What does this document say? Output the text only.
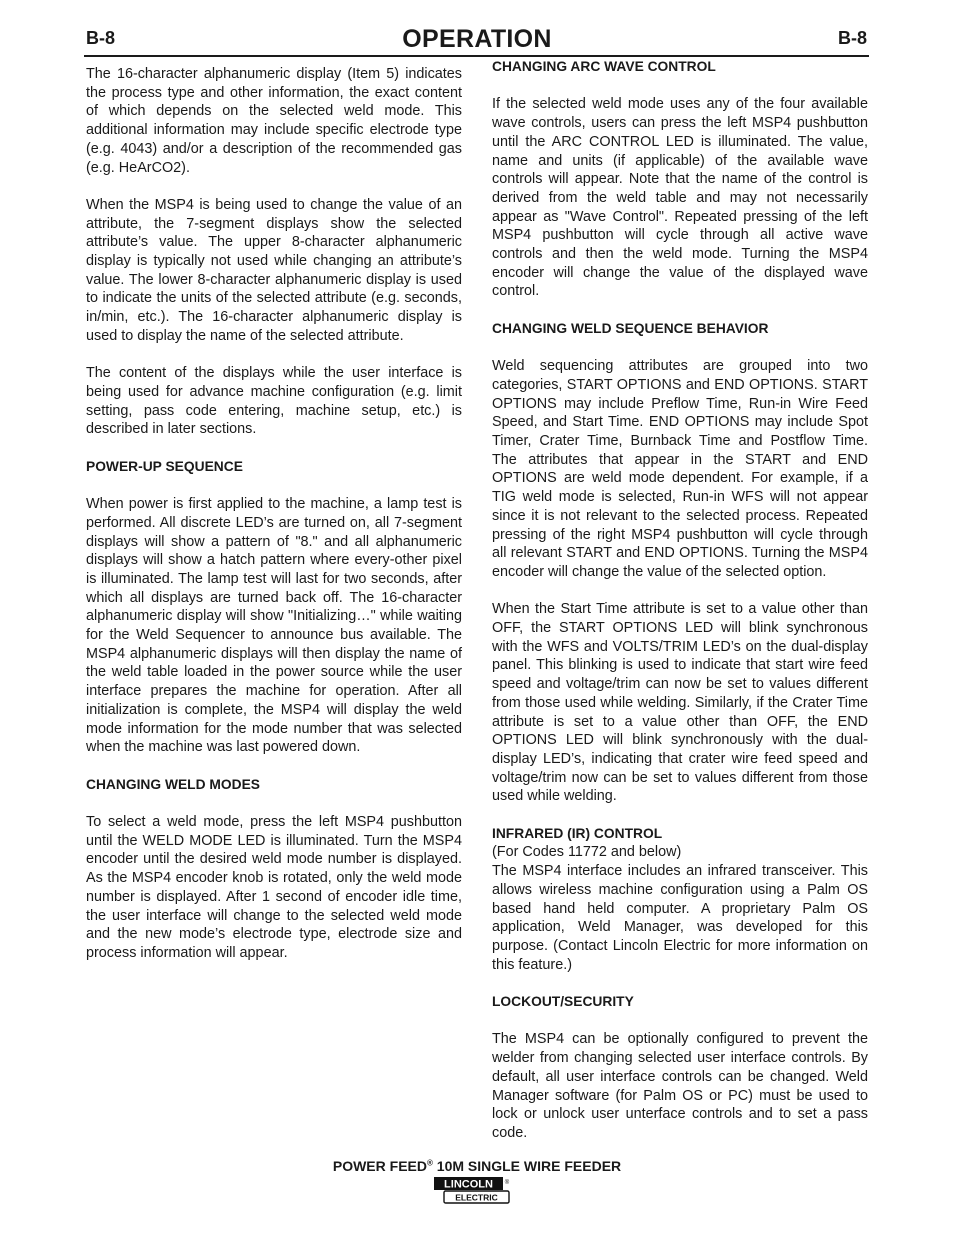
B-8	OPERATION	B-8

The 16-character alphanumeric display (Item 5) indicates the process type and other information, the exact content of which depends on the selected weld mode. This additional information may include specific electrode type (e.g. 4043) and/or a description of the recommended gas (e.g. HeArCO2).

When the MSP4 is being used to change the value of an attribute, the 7-segment displays show the selected attribute’s value. The upper 8-character alphanumeric display is typically not used while changing an attribute’s value. The lower 8-character alphanumeric display is used to indicate the units of the selected attribute (e.g. seconds, in/min, etc.). The 16-character alphanumeric display is used to display the name of the selected attribute.

The content of the displays while the user interface is being used for advance machine configuration (e.g. limit setting, pass code entering, machine setup, etc.) is described in later sections.

POWER-UP SEQUENCE

When power is first applied to the machine, a lamp test is performed. All discrete LED’s are turned on, all 7-segment displays will show a pattern of "8." and all alphanumeric displays will show a hatch pattern where every-other pixel is illuminated. The lamp test will last for two seconds, after which all displays are turned back off. The 16-character alphanumeric display will show "Initializing…" while waiting for the Weld Sequencer to announce bus available. The MSP4 alphanumeric displays will then display the name of the weld table loaded in the power source while the user interface prepares the machine for operation. After all initialization is complete, the MSP4 will display the weld mode information for the mode number that was selected when the machine was last powered down.

CHANGING WELD MODES

To select a weld mode, press the left MSP4 pushbutton until the WELD MODE LED is illuminated. Turn the MSP4 encoder until the desired weld mode number is displayed. As the MSP4 encoder knob is rotated, only the weld mode number is displayed. After 1 second of encoder idle time, the user interface will change to the selected weld mode and the new mode’s electrode type, electrode size and process information will appear.

CHANGING ARC WAVE CONTROL

If the selected weld mode uses any of the four available wave controls, users can press the left MSP4 pushbutton until the ARC CONTROL LED is illuminated. The value, name and units (if applicable) of the available wave controls will appear. Note that the name of the control is derived from the weld table and may not necessarily appear as "Wave Control". Repeated pressing of the left MSP4 pushbutton will cycle through all active wave controls and then the weld mode. Turning the MSP4 encoder will change the value of the displayed wave control.

CHANGING WELD SEQUENCE BEHAVIOR

Weld sequencing attributes are grouped into two categories, START OPTIONS and END OPTIONS. START OPTIONS may include Preflow Time, Run-in Wire Feed Speed, and Start Time. END OPTIONS may include Spot Timer, Crater Time, Burnback Time and Postflow Time. The attributes that appear in the START and END OPTIONS are weld mode dependent. For example, if a TIG weld mode is selected, Run-in WFS will not appear since it is not relevant to the selected process. Repeated pressing of the right MSP4 pushbutton will cycle through all relevant START and END OPTIONS. Turning the MSP4 encoder will change the value of the selected option.

When the Start Time attribute is set to a value other than OFF, the START OPTIONS LED will blink synchronous with the WFS and VOLTS/TRIM LED’s on the dual-display panel. This blinking is used to indicate that start wire feed speed and voltage/trim can now be set to values different from those used while welding. Similarly, if the Crater Time attribute is set to a value other than OFF, the END OPTIONS LED will blink synchronously with the dual-display LED’s, indicating that crater wire feed speed and voltage/trim now can be set to values different from those used while welding.

INFRARED (IR) CONTROL

(For Codes 11772 and below)

The MSP4 interface includes an infrared transceiver. This allows wireless machine configuration using a Palm OS based hand held computer. A proprietary Palm OS application, Weld Manager, was developed for this purpose. (Contact Lincoln Electric for more information on this feature.)

LOCKOUT/SECURITY

The MSP4 can be optionally configured to prevent the welder from changing selected user interface controls. By default, all user interface controls can be changed. Weld Manager software (for Palm OS or PC) must be used to lock or unlock user unterface controls and to set a pass code.

POWER FEED® 10M SINGLE WIRE FEEDER
LINCOLN ®
ELECTRIC
